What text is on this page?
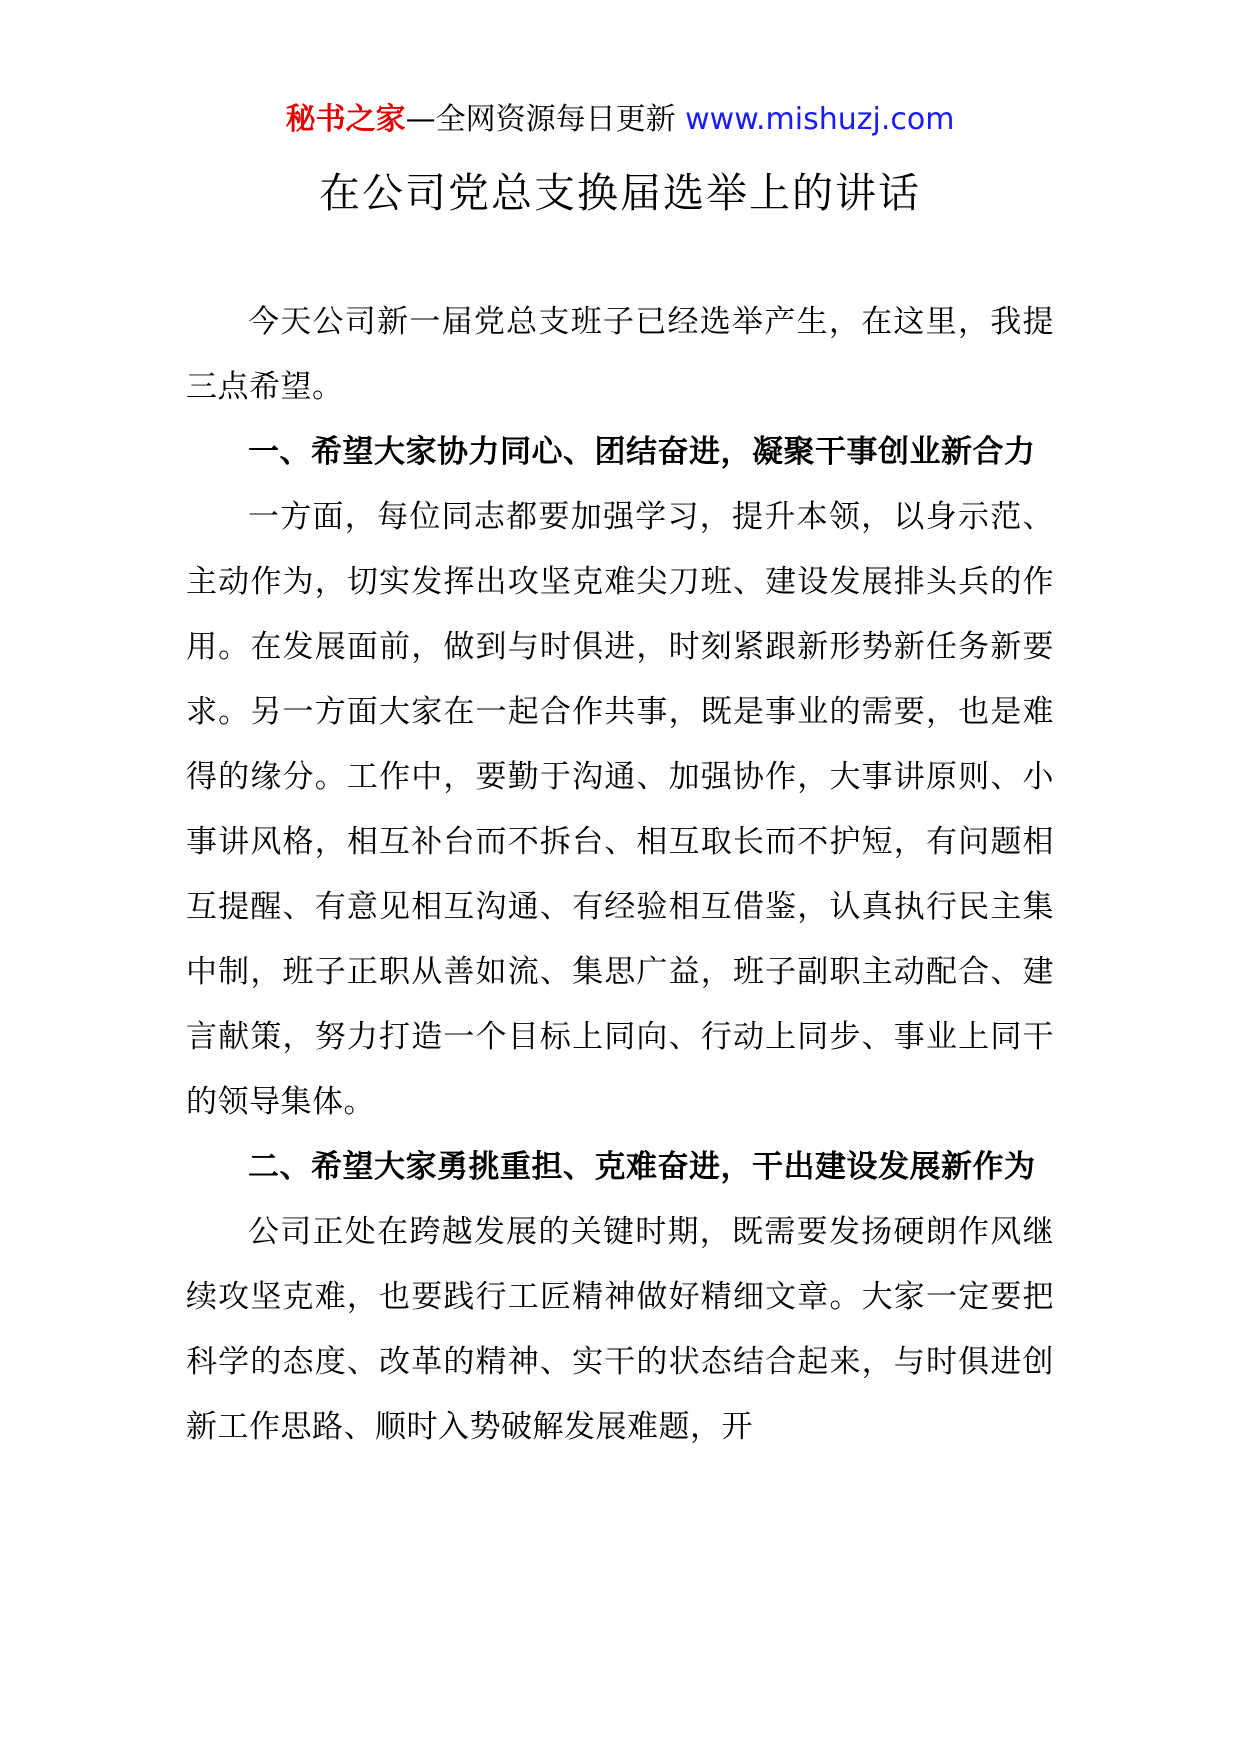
秘书之家—全网资源每日更新 www.mishuzj.com
在公司党总支换届选举上的讲话

今天公司新一届党总支班子已经选举产生，在这里，我提三点希望。

一、希望大家协力同心、团结奋进，凝聚干事创业新合力

一方面，每位同志都要加强学习，提升本领，以身示范、主动作为，切实发挥出攻坚克难尖刀班、建设发展排头兵的作用。在发展面前，做到与时俱进，时刻紧跟新形势新任务新要求。另一方面大家在一起合作共事，既是事业的需要，也是难得的缘分。工作中，要勤于沟通、加强协作，大事讲原则、小事讲风格，相互补台而不拆台、相互取长而不护短，有问题相互提醒、有意见相互沟通、有经验相互借鉴，认真执行民主集中制，班子正职从善如流、集思广益，班子副职主动配合、建言献策，努力打造一个目标上同向、行动上同步、事业上同干的领导集体。

二、希望大家勇挑重担、克难奋进，干出建设发展新作为

公司正处在跨越发展的关键时期，既需要发扬硬朗作风继续攻坚克难，也要践行工匠精神做好精细文章。大家一定要把科学的态度、改革的精神、实干的状态结合起来，与时俱进创新工作思路、顺时入势破解发展难题，开
